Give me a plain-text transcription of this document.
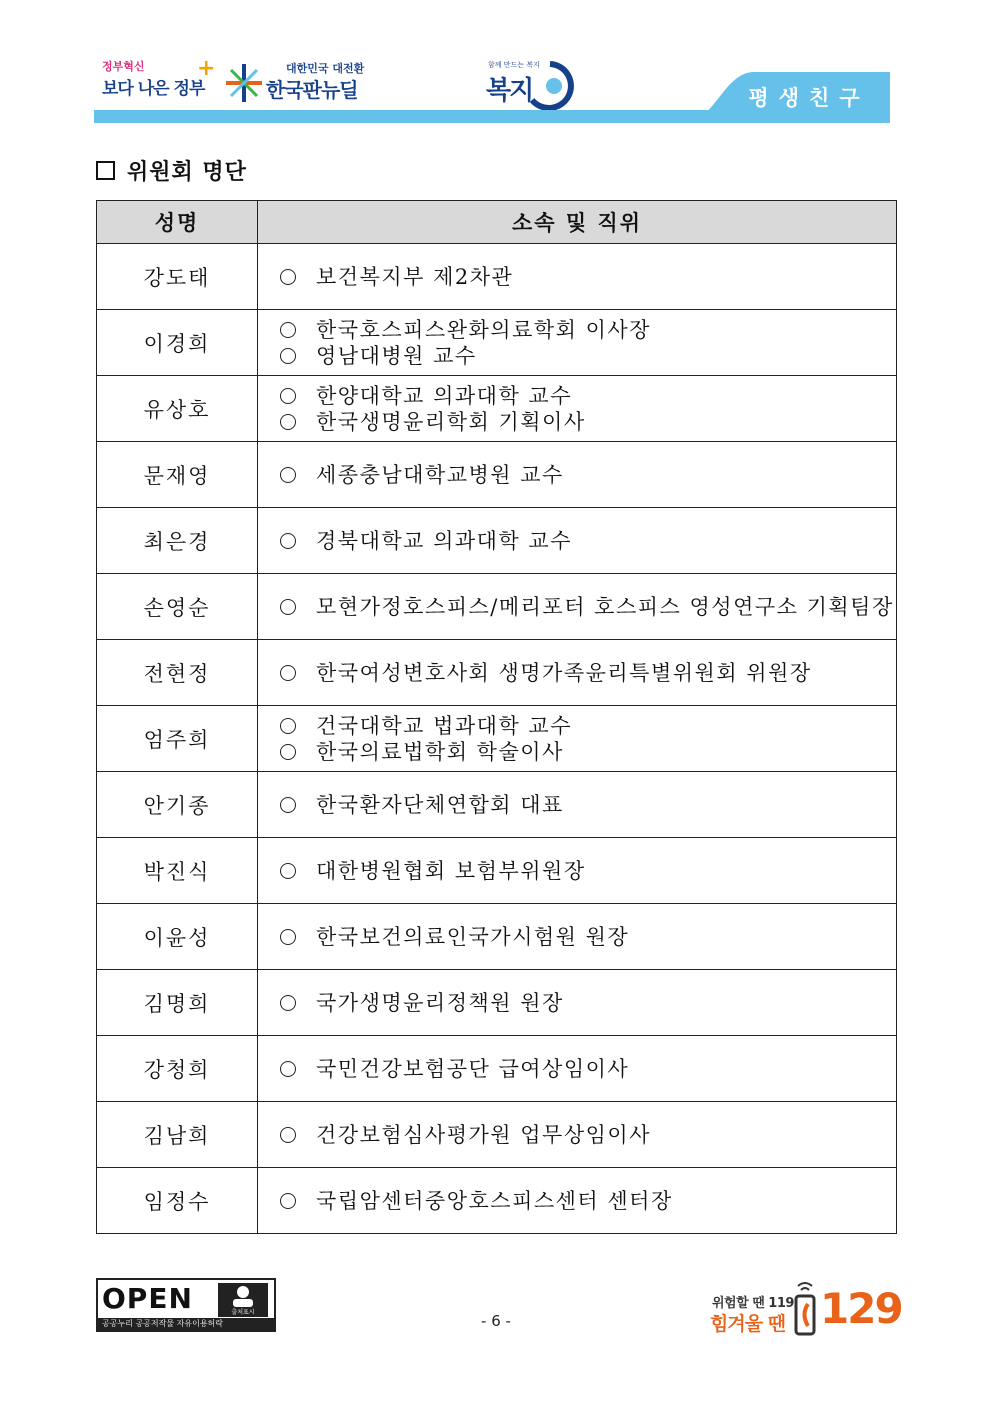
정부혁신
보다 나은 정부
+	대한민국 대전환
한국판뉴딜
함께 만드는 복지
복지	평생친구
위원회 명단
성명	소속 및 직위
강도태	보건복지부 제2차관

이경희	한국호스피스완화의료학회 이사장
영남대병원 교수

유상호	한양대학교 의과대학 교수
한국생명윤리학회 기획이사

문재영	세종충남대학교병원 교수

최은경	경북대학교 의과대학 교수

손영순	모현가정호스피스/메리포터 호스피스 영성연구소 기획팀장

전현정	한국여성변호사회 생명가족윤리특별위원회 위원장

엄주희	건국대학교 법과대학 교수
한국의료법학회 학술이사

안기종	한국환자단체연합회 대표

박진식	대한병원협회 보험부위원장

이윤성	한국보건의료인국가시험원 원장

김명희	국가생명윤리정책원 원장

강청희	국민건강보험공단 급여상임이사

김남희	건강보험심사평가원 업무상임이사

임정수	국립암센터중앙호스피스센터 센터장
OPEN	출처표시
공공누리 공공저작물 자유이용허락	- 6 -
위험할 땐 119
힘겨울 땐 129
